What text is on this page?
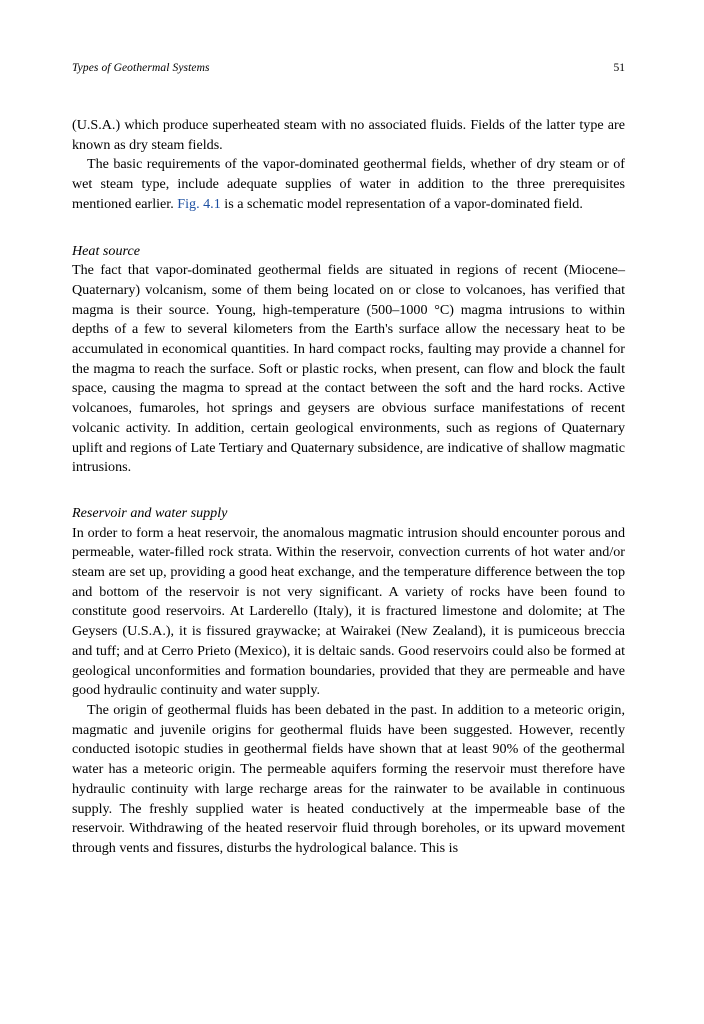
Types of Geothermal Systems	51

(U.S.A.) which produce superheated steam with no associated fluids. Fields of the latter type are known as dry steam fields.

The basic requirements of the vapor-dominated geothermal fields, whether of dry steam or of wet steam type, include adequate supplies of water in addition to the three prerequisites mentioned earlier. Fig. 4.1 is a schematic model representation of a vapor-dominated field.

Heat source

The fact that vapor-dominated geothermal fields are situated in regions of recent (Miocene–Quaternary) volcanism, some of them being located on or close to volcanoes, has verified that magma is their source. Young, high-temperature (500–1000 °C) magma intrusions to within depths of a few to several kilometers from the Earth's surface allow the necessary heat to be accumulated in economical quantities. In hard compact rocks, faulting may provide a channel for the magma to reach the surface. Soft or plastic rocks, when present, can flow and block the fault space, causing the magma to spread at the contact between the soft and the hard rocks. Active volcanoes, fumaroles, hot springs and geysers are obvious surface manifestations of recent volcanic activity. In addition, certain geological environments, such as regions of Quaternary uplift and regions of Late Tertiary and Quaternary subsidence, are indicative of shallow magmatic intrusions.

Reservoir and water supply

In order to form a heat reservoir, the anomalous magmatic intrusion should encounter porous and permeable, water-filled rock strata. Within the reservoir, convection currents of hot water and/or steam are set up, providing a good heat exchange, and the temperature difference between the top and bottom of the reservoir is not very significant. A variety of rocks have been found to constitute good reservoirs. At Larderello (Italy), it is fractured limestone and dolomite; at The Geysers (U.S.A.), it is fissured graywacke; at Wairakei (New Zealand), it is pumiceous breccia and tuff; and at Cerro Prieto (Mexico), it is deltaic sands. Good reservoirs could also be formed at geological unconformities and formation boundaries, provided that they are permeable and have good hydraulic continuity and water supply.

The origin of geothermal fluids has been debated in the past. In addition to a meteoric origin, magmatic and juvenile origins for geothermal fluids have been suggested. However, recently conducted isotopic studies in geothermal fields have shown that at least 90% of the geothermal water has a meteoric origin. The permeable aquifers forming the reservoir must therefore have hydraulic continuity with large recharge areas for the rainwater to be available in continuous supply. The freshly supplied water is heated conductively at the impermeable base of the reservoir. Withdrawing of the heated reservoir fluid through boreholes, or its upward movement through vents and fissures, disturbs the hydrological balance. This is
